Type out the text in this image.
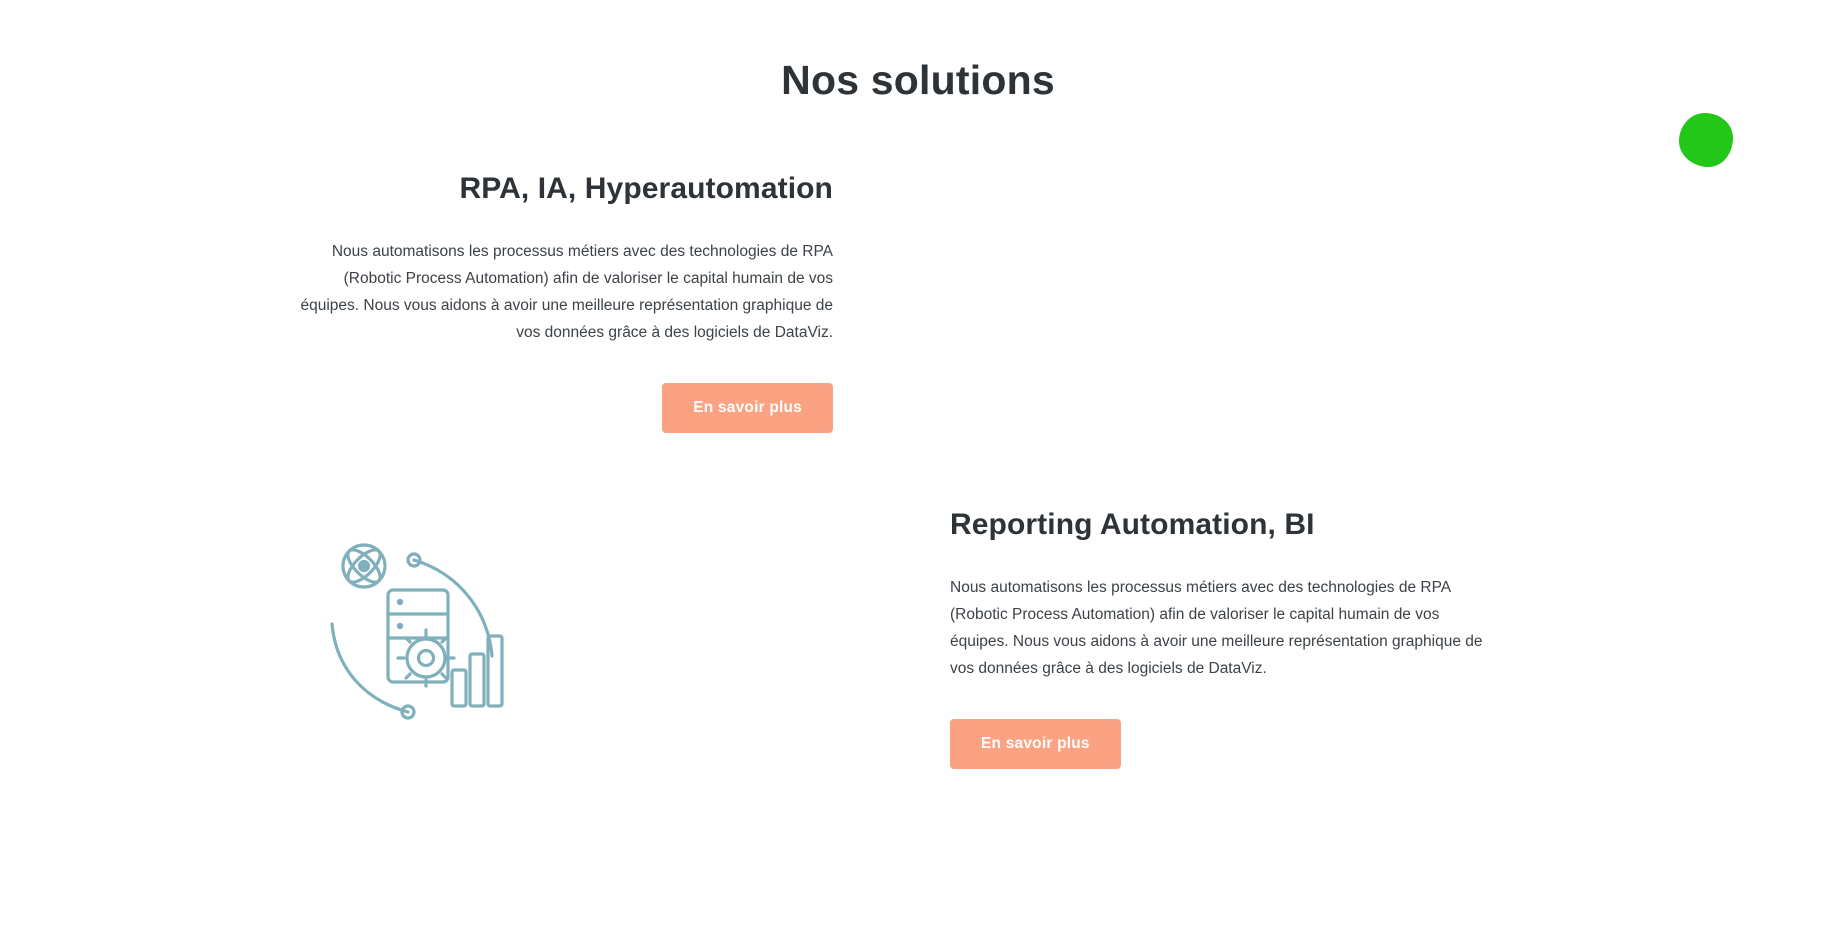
Nos solutions
RPA, IA, Hyperautomation

Nous automatisons les processus métiers avec des technologies de RPA (Robotic Process Automation) afin de valoriser le capital humain de vos équipes. Nous vous aidons à avoir une meilleure représentation graphique de vos données grâce à des logiciels de DataViz.

En savoir plus
Reporting Automation, BI

Nous automatisons les processus métiers avec des technologies de RPA (Robotic Process Automation) afin de valoriser le capital humain de vos équipes. Nous vous aidons à avoir une meilleure représentation graphique de vos données grâce à des logiciels de DataViz.

En savoir plus
